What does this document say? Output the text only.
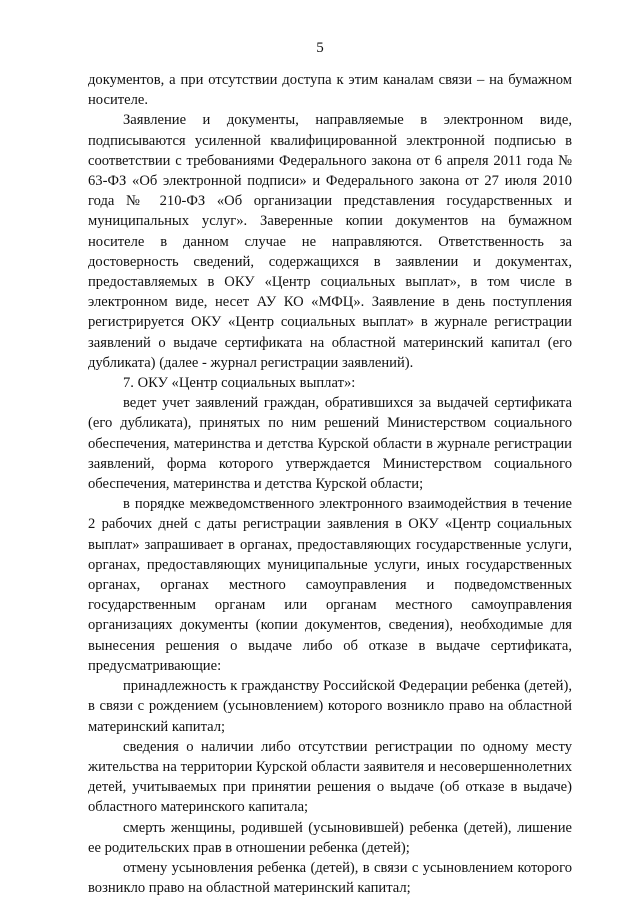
5

документов, а при отсутствии доступа к этим каналам связи – на бумажном носителе.

Заявление и документы, направляемые в электронном виде, подписываются усиленной квалифицированной электронной подписью в соответствии с требованиями Федерального закона от 6 апреля 2011 года № 63-ФЗ «Об электронной подписи» и Федерального закона от 27 июля 2010 года № 210-ФЗ «Об организации представления государственных и муниципальных услуг». Заверенные копии документов на бумажном носителе в данном случае не направляются. Ответственность за достоверность сведений, содержащихся в заявлении и документах, предоставляемых в ОКУ «Центр социальных выплат», в том числе в электронном виде, несет АУ КО «МФЦ». Заявление в день поступления регистрируется ОКУ «Центр социальных выплат» в журнале регистрации заявлений о выдаче сертификата на областной материнский капитал (его дубликата) (далее - журнал регистрации заявлений).

7. ОКУ «Центр социальных выплат»:

ведет учет заявлений граждан, обратившихся за выдачей сертификата (его дубликата), принятых по ним решений Министерством социального обеспечения, материнства и детства Курской области в журнале регистрации заявлений, форма которого утверждается Министерством социального обеспечения, материнства и детства Курской области;

в порядке межведомственного электронного взаимодействия в течение 2 рабочих дней с даты регистрации заявления в ОКУ «Центр социальных выплат» запрашивает в органах, предоставляющих государственные услуги, органах, предоставляющих муниципальные услуги, иных государственных органах, органах местного самоуправления и подведомственных государственным органам или органам местного самоуправления организациях документы (копии документов, сведения), необходимые для вынесения решения о выдаче либо об отказе в выдаче сертификата, предусматривающие:

принадлежность к гражданству Российской Федерации ребенка (детей), в связи с рождением (усыновлением) которого возникло право на областной материнский капитал;

сведения о наличии либо отсутствии регистрации по одному месту жительства на территории Курской области заявителя и несовершеннолетних детей, учитываемых при принятии решения о выдаче (об отказе в выдаче) областного материнского капитала;

смерть женщины, родившей (усыновившей) ребенка (детей), лишение ее родительских прав в отношении ребенка (детей);

отмену усыновления ребенка (детей), в связи с усыновлением которого возникло право на областной материнский капитал;
